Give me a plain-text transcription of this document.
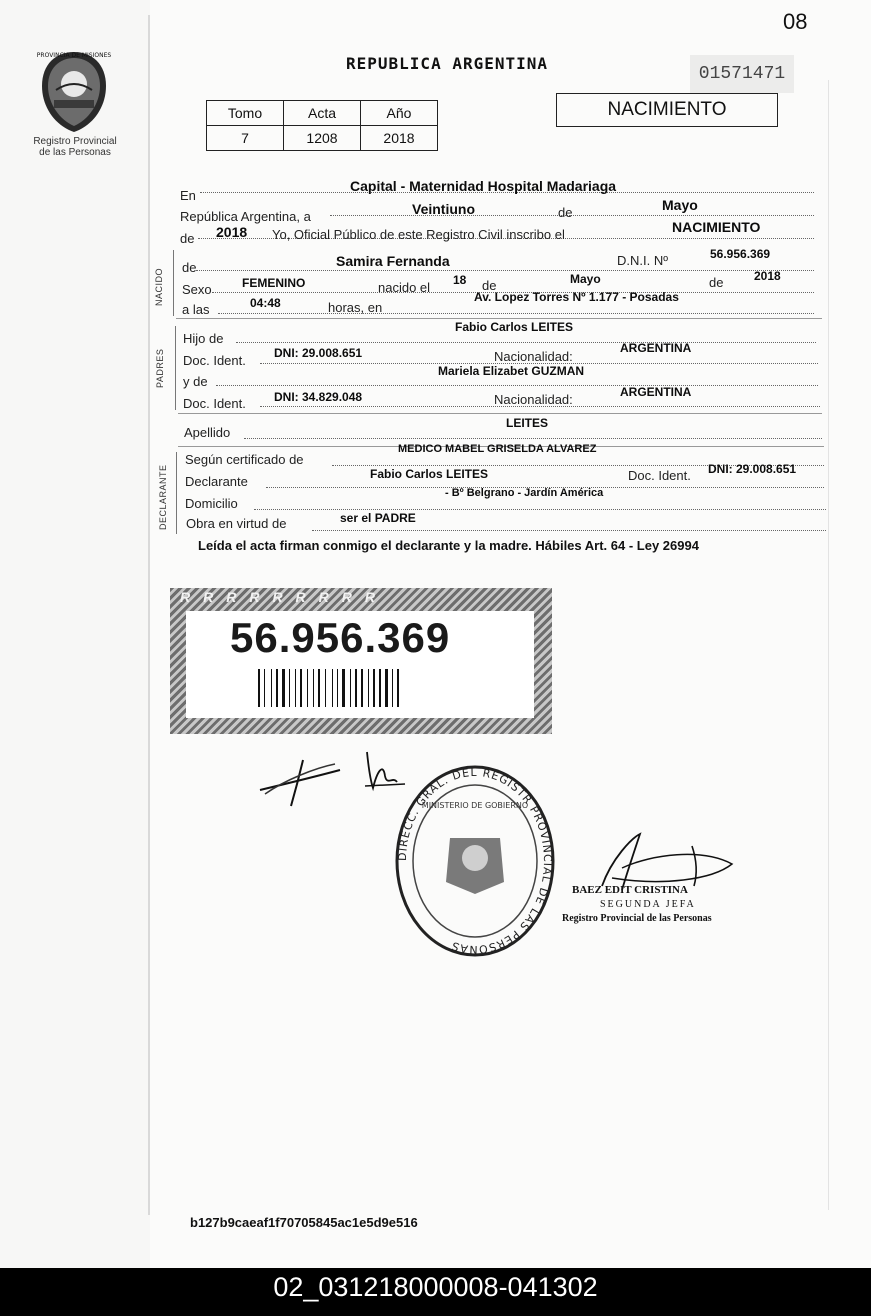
PROVINCIA DE MISIONES
Registro Provincial
de las Personas
08
REPUBLICA ARGENTINA
01571471
Tomo	Acta	Año
7	1208	2018
NACIMIENTO
En
Capital - Maternidad Hospital Madariaga
República Argentina, a	Veintiuno	de	Mayo
de 2018 Yo, Oficial Público de este Registro Civil inscribo el	NACIMIENTO
NACIDO
de	Samira Fernanda	D.N.I. Nº	56.956.369
Sexo	FEMENINO	nacido el 18 de	Mayo	de	2018
a las	04:48	horas, en
Av. Lopez Torres Nº 1.177 - Posadas
PADRES
Hijo de
Fabio Carlos LEITES
Doc. Ident. DNI: 29.008.651	Nacionalidad:
ARGENTINA
y de
Mariela Elizabet GUZMAN
Doc. Ident. DNI: 34.829.048	Nacionalidad:	ARGENTINA
Apellido
LEITES
DECLARANTE
Según certificado de
MEDICO MABEL GRISELDA ALVAREZ
Declarante	Fabio Carlos LEITES	Doc. Ident. DNI: 29.008.651
Domicilio
- Bº Belgrano - Jardín América
Obra en virtud de	ser el PADRE
Leída el acta firman conmigo el declarante y la madre. Hábiles Art. 64 - Ley 26994
RRRRRRRRR
56.956.369
DIRECC. GRAL. DEL REGISTR PROVINCIAL DE LAS PERSONAS
MINISTERIO DE GOBIERNO
BAEZ EDIT CRISTINA
SEGUNDA JEFA
Registro Provincial de las Personas
b127b9caeaf1f70705845ac1e5d9e516
02_031218000008-041302
